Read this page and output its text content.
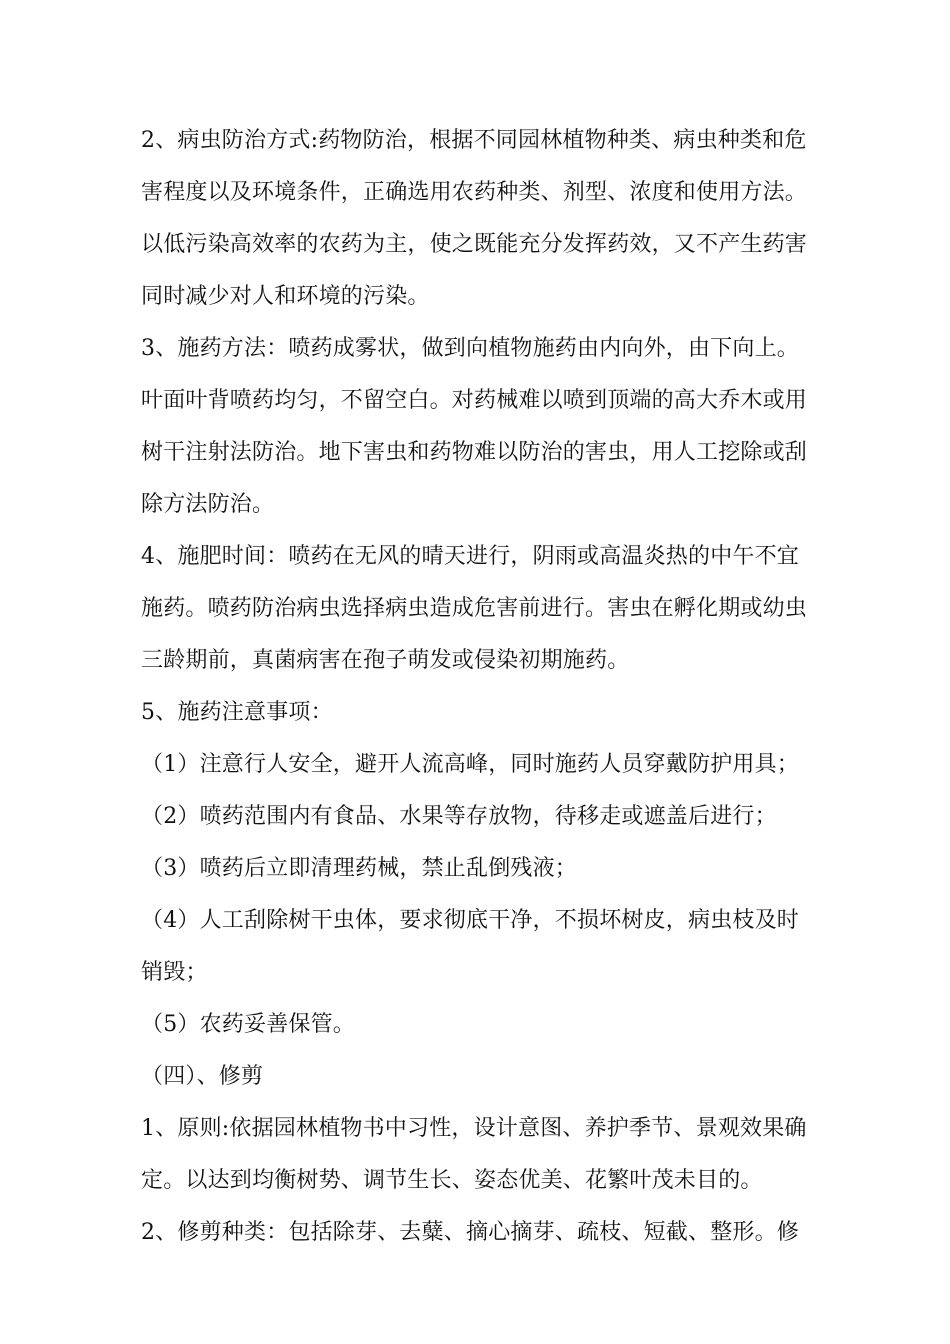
2、病虫防治方式:药物防治，根据不同园林植物种类、病虫种类和危
害程度以及环境条件，正确选用农药种类、剂型、浓度和使用方法。
以低污染高效率的农药为主，使之既能充分发挥药效，又不产生药害
同时减少对人和环境的污染。
3、施药方法：喷药成雾状，做到向植物施药由内向外，由下向上。
叶面叶背喷药均匀，不留空白。对药械难以喷到顶端的高大乔木或用
树干注射法防治。地下害虫和药物难以防治的害虫，用人工挖除或刮
除方法防治。
4、施肥时间：喷药在无风的晴天进行，阴雨或高温炎热的中午不宜
施药。喷药防治病虫选择病虫造成危害前进行。害虫在孵化期或幼虫
三龄期前，真菌病害在孢子萌发或侵染初期施药。
5、施药注意事项：
（1）注意行人安全，避开人流高峰，同时施药人员穿戴防护用具；
（2）喷药范围内有食品、水果等存放物，待移走或遮盖后进行；
（3）喷药后立即清理药械，禁止乱倒残液；
（4）人工刮除树干虫体，要求彻底干净，不损坏树皮，病虫枝及时
销毁；
（5）农药妥善保管。
（四）、修剪
1、原则:依据园林植物书中习性，设计意图、养护季节、景观效果确
定。以达到均衡树势、调节生长、姿态优美、花繁叶茂未目的。
2、修剪种类：包括除芽、去糵、摘心摘芽、疏枝、短截、整形。修
